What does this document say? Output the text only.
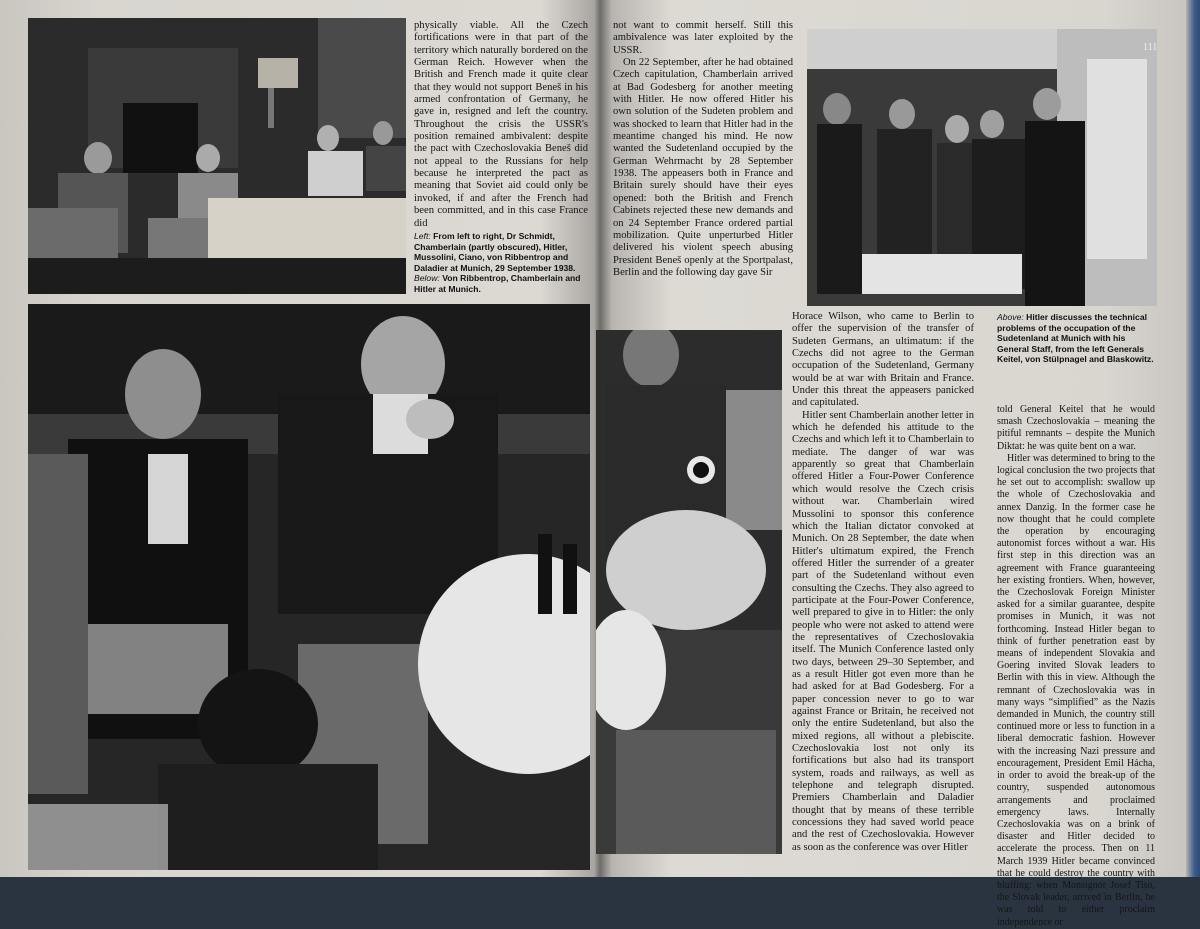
physically viable. All the Czech fortifications were in that part of the territory which naturally bordered on the German Reich. However when the British and French made it quite clear that they would not support Beneš in his armed confrontation of Germany, he gave in, resigned and left the country. Throughout the crisis the USSR's position remained ambivalent: despite the pact with Czechoslovakia Beneš did not appeal to the Russians for help because he interpreted the pact as meaning that Soviet aid could only be invoked, if and after the French had been committed, and in this case France did

Left: From left to right, Dr Schmidt, Chamberlain (partly obscured), Hitler, Mussolini, Ciano, von Ribbentrop and Daladier at Munich, 29 September 1938.

Below: Von Ribbentrop, Chamberlain and Hitler at Munich.

not want to commit herself. Still this ambivalence was later exploited by the USSR.

On 22 September, after he had obtained Czech capitulation, Chamberlain arrived at Bad Godesberg for another meeting with Hitler. He now offered Hitler his own solution of the Sudeten problem and was shocked to learn that Hitler had in the meantime changed his mind. He now wanted the Sudetenland occupied by the German Wehrmacht by 28 September 1938. The appeasers both in France and Britain surely should have their eyes opened: both the British and French Cabinets rejected these new demands and on 24 September France ordered partial mobilization. Quite unperturbed Hitler delivered his violent speech abusing President Beneš openly at the Sportpalast, Berlin and the following day gave Sir

111

Horace Wilson, who came to Berlin to offer the supervision of the transfer of Sudeten Germans, an ultimatum: if the Czechs did not agree to the German occupation of the Sudetenland, Germany would be at war with Britain and France. Under this threat the appeasers panicked and capitulated.

Hitler sent Chamberlain another letter in which he defended his attitude to the Czechs and which left it to Chamberlain to mediate. The danger of war was apparently so great that Chamberlain offered Hitler a Four-Power Conference which would resolve the Czech crisis without war. Chamberlain wired Mussolini to sponsor this conference which the Italian dictator convoked at Munich. On 28 September, the date when Hitler's ultimatum expired, the French offered Hitler the surrender of a greater part of the Sudetenland without even consulting the Czechs. They also agreed to participate at the Four-Power Conference, well prepared to give in to Hitler: the only people who were not asked to attend were the representatives of Czechoslovakia itself. The Munich Conference lasted only two days, between 29–30 September, and as a result Hitler got even more than he had asked for at Bad Godesberg. For a paper concession never to go to war against France or Britain, he received not only the entire Sudetenland, but also the mixed regions, all without a plebiscite. Czechoslovakia lost not only its fortifications but also had its transport system, roads and railways, as well as telephone and telegraph disrupted. Premiers Chamberlain and Daladier thought that by means of these terrible concessions they had saved world peace and the rest of Czechoslovakia. However as soon as the conference was over Hitler

Above: Hitler discusses the technical problems of the occupation of the Sudetenland at Munich with his General Staff, from the left Generals Keitel, von Stülpnagel and Blaskowitz.

told General Keitel that he would smash Czechoslovakia – meaning the pitiful remnants – despite the Munich Diktat: he was quite bent on a war.

Hitler was determined to bring to the logical conclusion the two projects that he set out to accomplish: swallow up the whole of Czechoslovakia and annex Danzig. In the former case he now thought that he could complete the operation by encouraging autonomist forces without a war. His first step in this direction was an agreement with France guaranteeing her existing frontiers. When, however, the Czechoslovak Foreign Minister asked for a similar guarantee, despite promises in Munich, it was not forthcoming. Instead Hitler began to think of further penetration east by means of independent Slovakia and Goering invited Slovak leaders to Berlin with this in view. Although the remnant of Czechoslovakia was in many ways “simplified” as the Nazis demanded in Munich, the country still continued more or less to function in a liberal democratic fashion. However with the increasing Nazi pressure and encouragement, President Emil Hácha, in order to avoid the break-up of the country, suspended autonomous arrangements and proclaimed emergency laws. Internally Czechoslovakia was on a brink of disaster and Hitler decided to accelerate the process. Then on 11 March 1939 Hitler became convinced that he could destroy the country with bluffing: when Monsignor Josef Tiso, the Slovak leader, arrived in Berlin, he was told to either proclaim independence or
